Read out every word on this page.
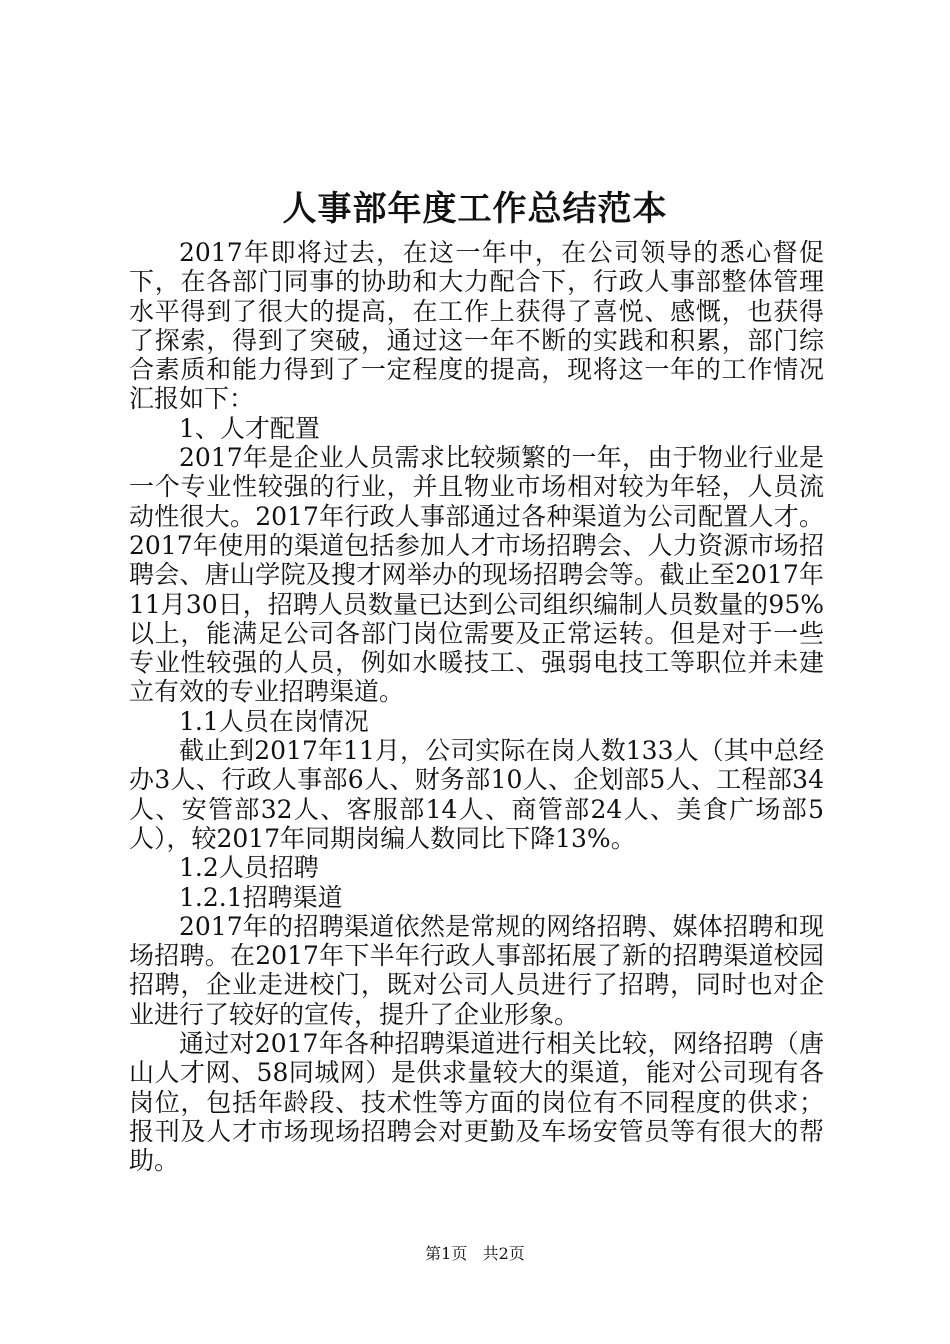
人事部年度工作总结范本

2017年即将过去，在这一年中，在公司领导的悉心督促下，在各部门同事的协助和大力配合下，行政人事部整体管理水平得到了很大的提高，在工作上获得了喜悦、感慨，也获得了探索，得到了突破，通过这一年不断的实践和积累，部门综合素质和能力得到了一定程度的提高，现将这一年的工作情况汇报如下：

1、人才配置

2017年是企业人员需求比较频繁的一年，由于物业行业是一个专业性较强的行业，并且物业市场相对较为年轻，人员流动性很大。2017年行政人事部通过各种渠道为公司配置人才。2017年使用的渠道包括参加人才市场招聘会、人力资源市场招聘会、唐山学院及搜才网举办的现场招聘会等。截止至2017年11月30日，招聘人员数量已达到公司组织编制人员数量的95%以上，能满足公司各部门岗位需要及正常运转。但是对于一些专业性较强的人员，例如水暖技工、强弱电技工等职位并未建立有效的专业招聘渠道。

1.1人员在岗情况

截止到2017年11月，公司实际在岗人数133人（其中总经办3人、行政人事部6人、财务部10人、企划部5人、工程部34人、安管部32人、客服部14人、商管部24人、美食广场部5人），较2017年同期岗编人数同比下降13%。

1.2人员招聘

1.2.1招聘渠道

2017年的招聘渠道依然是常规的网络招聘、媒体招聘和现场招聘。在2017年下半年行政人事部拓展了新的招聘渠道校园招聘，企业走进校门，既对公司人员进行了招聘，同时也对企业进行了较好的宣传，提升了企业形象。

通过对2017年各种招聘渠道进行相关比较，网络招聘（唐山人才网、58同城网）是供求量较大的渠道，能对公司现有各岗位，包括年龄段、技术性等方面的岗位有不同程度的供求；报刊及人才市场现场招聘会对更勤及车场安管员等有很大的帮助。

第1页 共2页
